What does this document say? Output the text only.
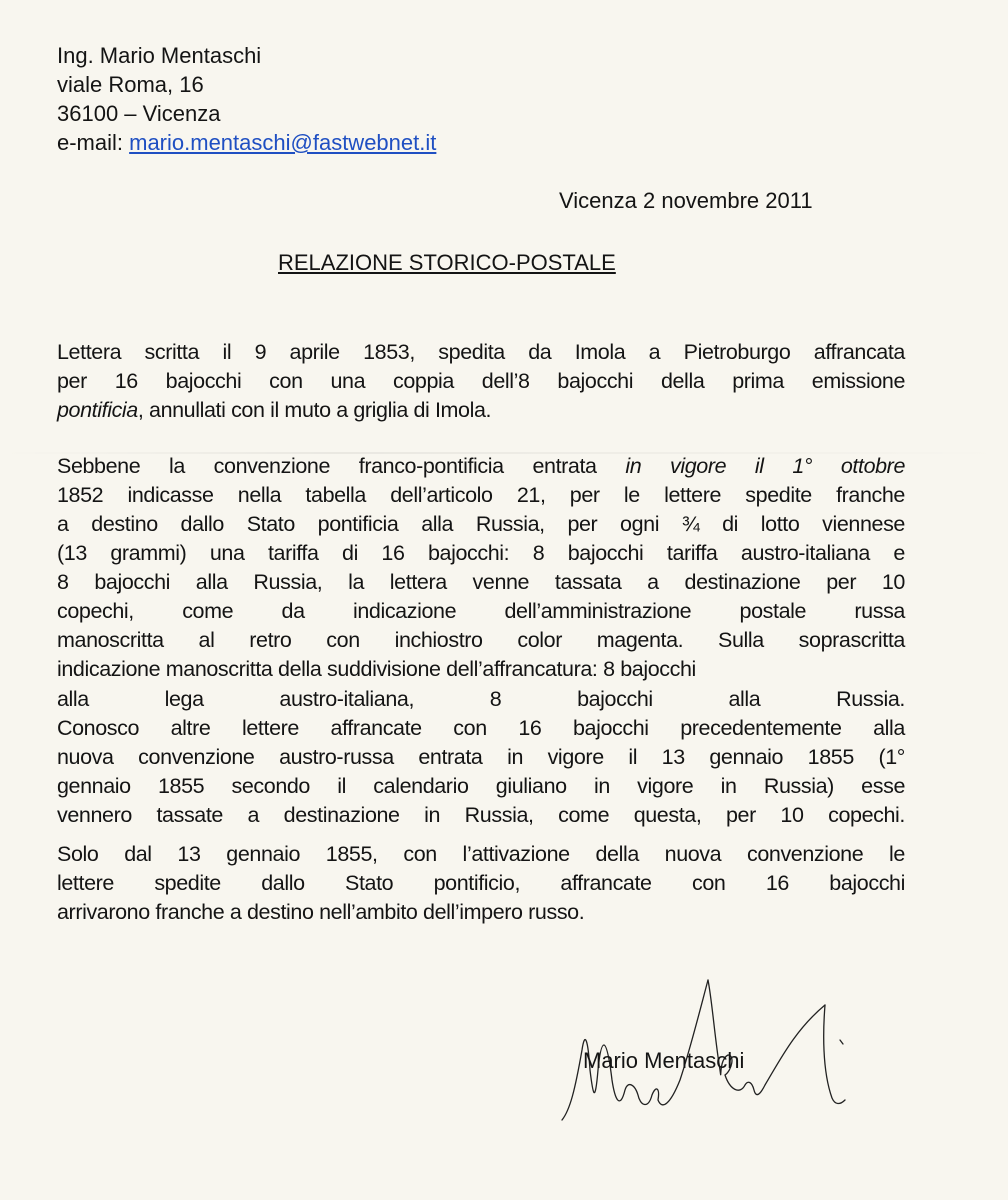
Ing. Mario Mentaschi
viale Roma, 16
36100 – Vicenza
e-mail: mario.mentaschi@fastwebnet.it
Vicenza 2 novembre 2011
RELAZIONE STORICO-POSTALE
Lettera scritta il 9 aprile 1853, spedita da Imola a Pietroburgo affrancata
per 16 bajocchi con una coppia dell’8 bajocchi della prima emissione
pontificia, annullati con il muto a griglia di Imola.
Sebbene la convenzione franco-pontificia entrata in vigore il 1° ottobre
1852 indicasse nella tabella dell’articolo 21, per le lettere spedite franche
a destino dallo Stato pontificia alla Russia, per ogni ¾ di lotto viennese
(13 grammi) una tariffa di 16 bajocchi: 8 bajocchi tariffa austro-italiana e
8 bajocchi alla Russia, la lettera venne tassata a destinazione per 10
copechi, come da indicazione dell’amministrazione postale russa
manoscritta al retro con inchiostro color magenta. Sulla soprascritta
indicazione manoscritta della suddivisione dell’affrancatura: 8 bajocchi
alla lega austro-italiana, 8 bajocchi alla Russia.
Conosco altre lettere affrancate con 16 bajocchi precedentemente alla
nuova convenzione austro-russa entrata in vigore il 13 gennaio 1855 (1°
gennaio 1855 secondo il calendario giuliano in vigore in Russia) esse
vennero tassate a destinazione in Russia, come questa, per 10 copechi.
Solo dal 13 gennaio 1855, con l’attivazione della nuova convenzione le
lettere spedite dallo Stato pontificio, affrancate con 16 bajocchi
arrivarono franche a destino nell’ambito dell’impero russo.
Mario Mentaschi
